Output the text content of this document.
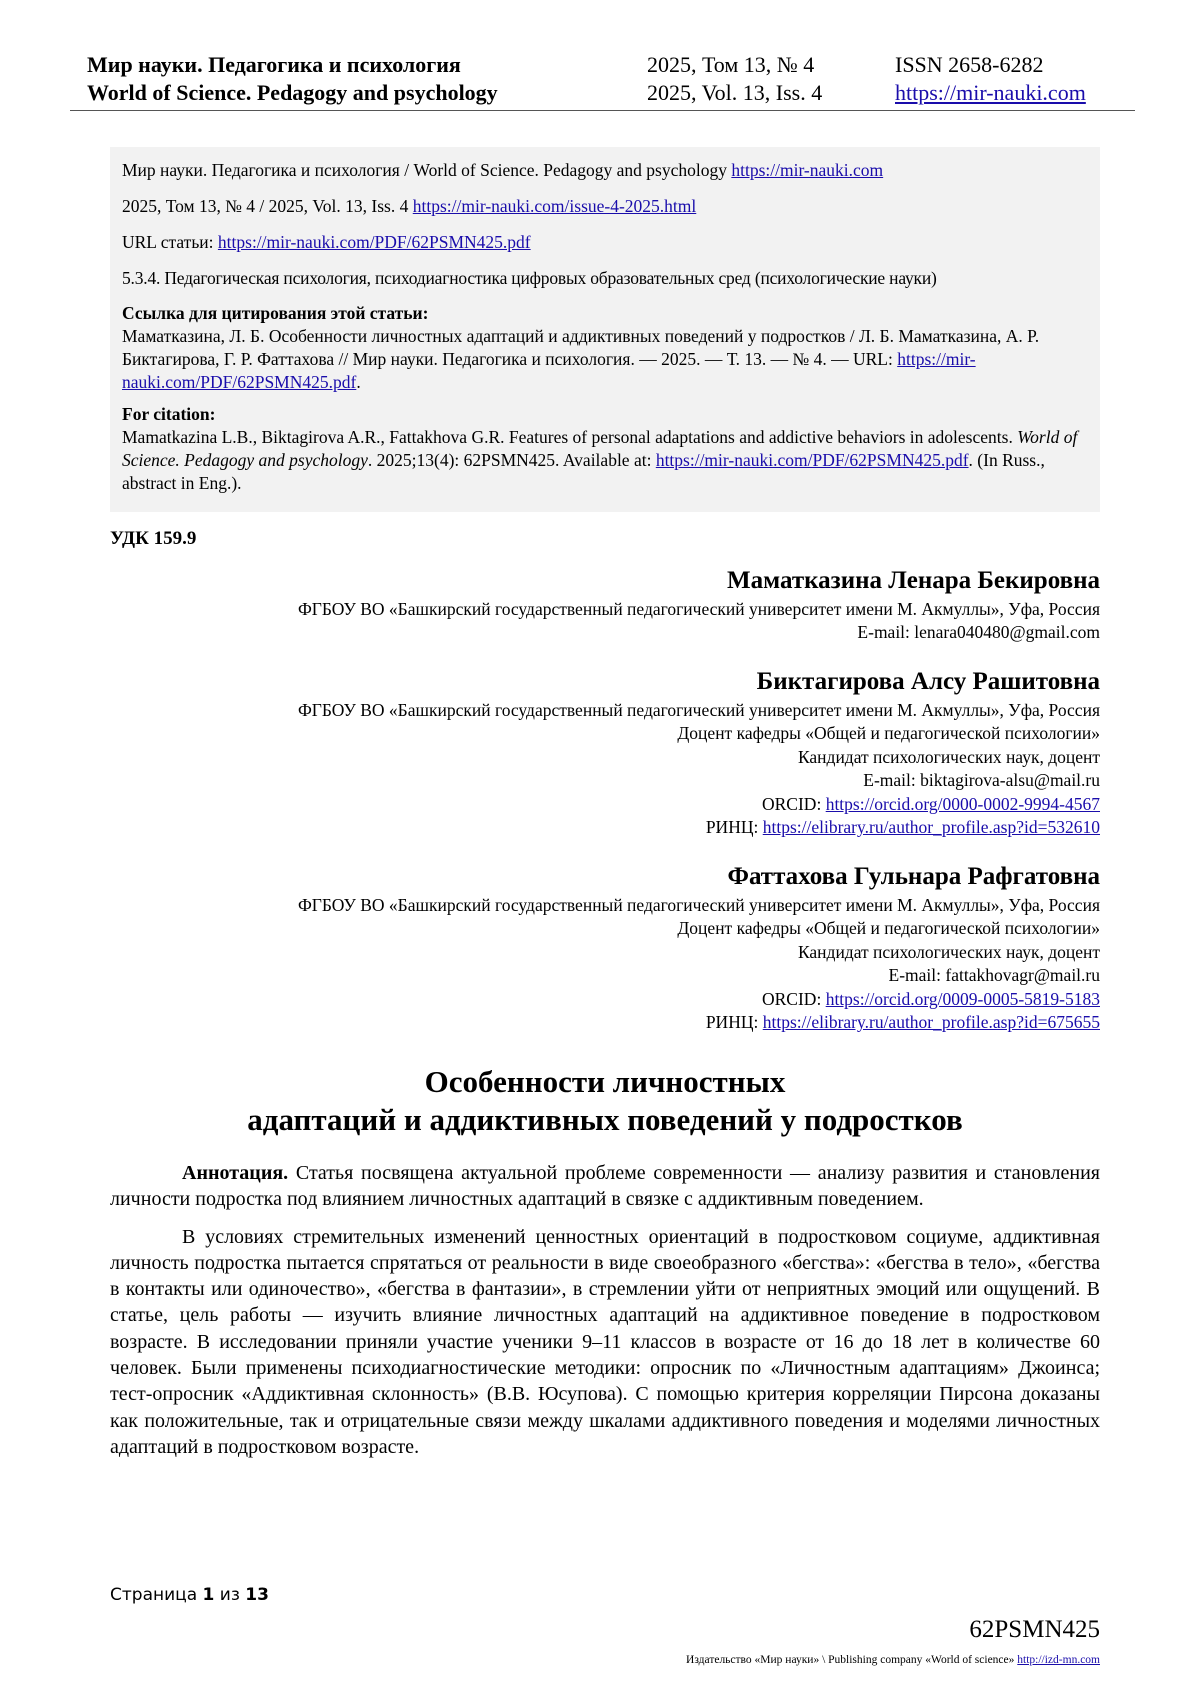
Мир науки. Педагогика и психология	2025, Том 13, № 4	ISSN 2658-6282
World of Science. Pedagogy and psychology	2025, Vol. 13, Iss. 4	https://mir-nauki.com

Мир науки. Педагогика и психология / World of Science. Pedagogy and psychology https://mir-nauki.com

2025, Том 13, № 4 / 2025, Vol. 13, Iss. 4 https://mir-nauki.com/issue-4-2025.html

URL статьи: https://mir-nauki.com/PDF/62PSMN425.pdf

5.3.4. Педагогическая психология, психодиагностика цифровых образовательных сред (психологические науки)

Ссылка для цитирования этой статьи:
Маматказина, Л. Б. Особенности личностных адаптаций и аддиктивных поведений у подростков / Л. Б. Маматказина, А. Р. Биктагирова, Г. Р. Фаттахова // Мир науки. Педагогика и психология. — 2025. — Т. 13. — № 4. — URL: https://mir-nauki.com/PDF/62PSMN425.pdf.

For citation:
Mamatkazina L.B., Biktagirova A.R., Fattakhova G.R. Features of personal adaptations and addictive behaviors in adolescents. World of Science. Pedagogy and psychology. 2025;13(4): 62PSMN425. Available at: https://mir-nauki.com/PDF/62PSMN425.pdf. (In Russ., abstract in Eng.).

УДК 159.9
Маматказина Ленара Бекировна
ФГБОУ ВО «Башкирский государственный педагогический университет имени М. Акмуллы», Уфа, Россия
E-mail: lenara040480@gmail.com
Биктагирова Алсу Рашитовна
ФГБОУ ВО «Башкирский государственный педагогический университет имени М. Акмуллы», Уфа, Россия
Доцент кафедры «Общей и педагогической психологии»
Кандидат психологических наук, доцент
E-mail: biktagirova-alsu@mail.ru
ORCID: https://orcid.org/0000-0002-9994-4567
РИНЦ: https://elibrary.ru/author_profile.asp?id=532610
Фаттахова Гульнара Рафгатовна
ФГБОУ ВО «Башкирский государственный педагогический университет имени М. Акмуллы», Уфа, Россия
Доцент кафедры «Общей и педагогической психологии»
Кандидат психологических наук, доцент
E-mail: fattakhovagr@mail.ru
ORCID: https://orcid.org/0009-0005-5819-5183
РИНЦ: https://elibrary.ru/author_profile.asp?id=675655
Особенности личностных
адаптаций и аддиктивных поведений у подростков

Аннотация. Статья посвящена актуальной проблеме современности — анализу развития и становления личности подростка под влиянием личностных адаптаций в связке с аддиктивным поведением.

В условиях стремительных изменений ценностных ориентаций в подростковом социуме, аддиктивная личность подростка пытается спрятаться от реальности в виде своеобразного «бегства»: «бегства в тело», «бегства в контакты или одиночество», «бегства в фантазии», в стремлении уйти от неприятных эмоций или ощущений. В статье, цель работы — изучить влияние личностных адаптаций на аддиктивное поведение в подростковом возрасте. В исследовании приняли участие ученики 9–11 классов в возрасте от 16 до 18 лет в количестве 60 человек. Были применены психодиагностические методики: опросник по «Личностным адаптациям» Джоинса; тест-опросник «Аддиктивная склонность» (В.В. Юсупова). С помощью критерия корреляции Пирсона доказаны как положительные, так и отрицательные связи между шкалами аддиктивного поведения и моделями личностных адаптаций в подростковом возрасте.

Страница 1 из 13
62PSMN425
Издательство «Мир науки» \ Publishing company «World of science» http://izd-mn.com
